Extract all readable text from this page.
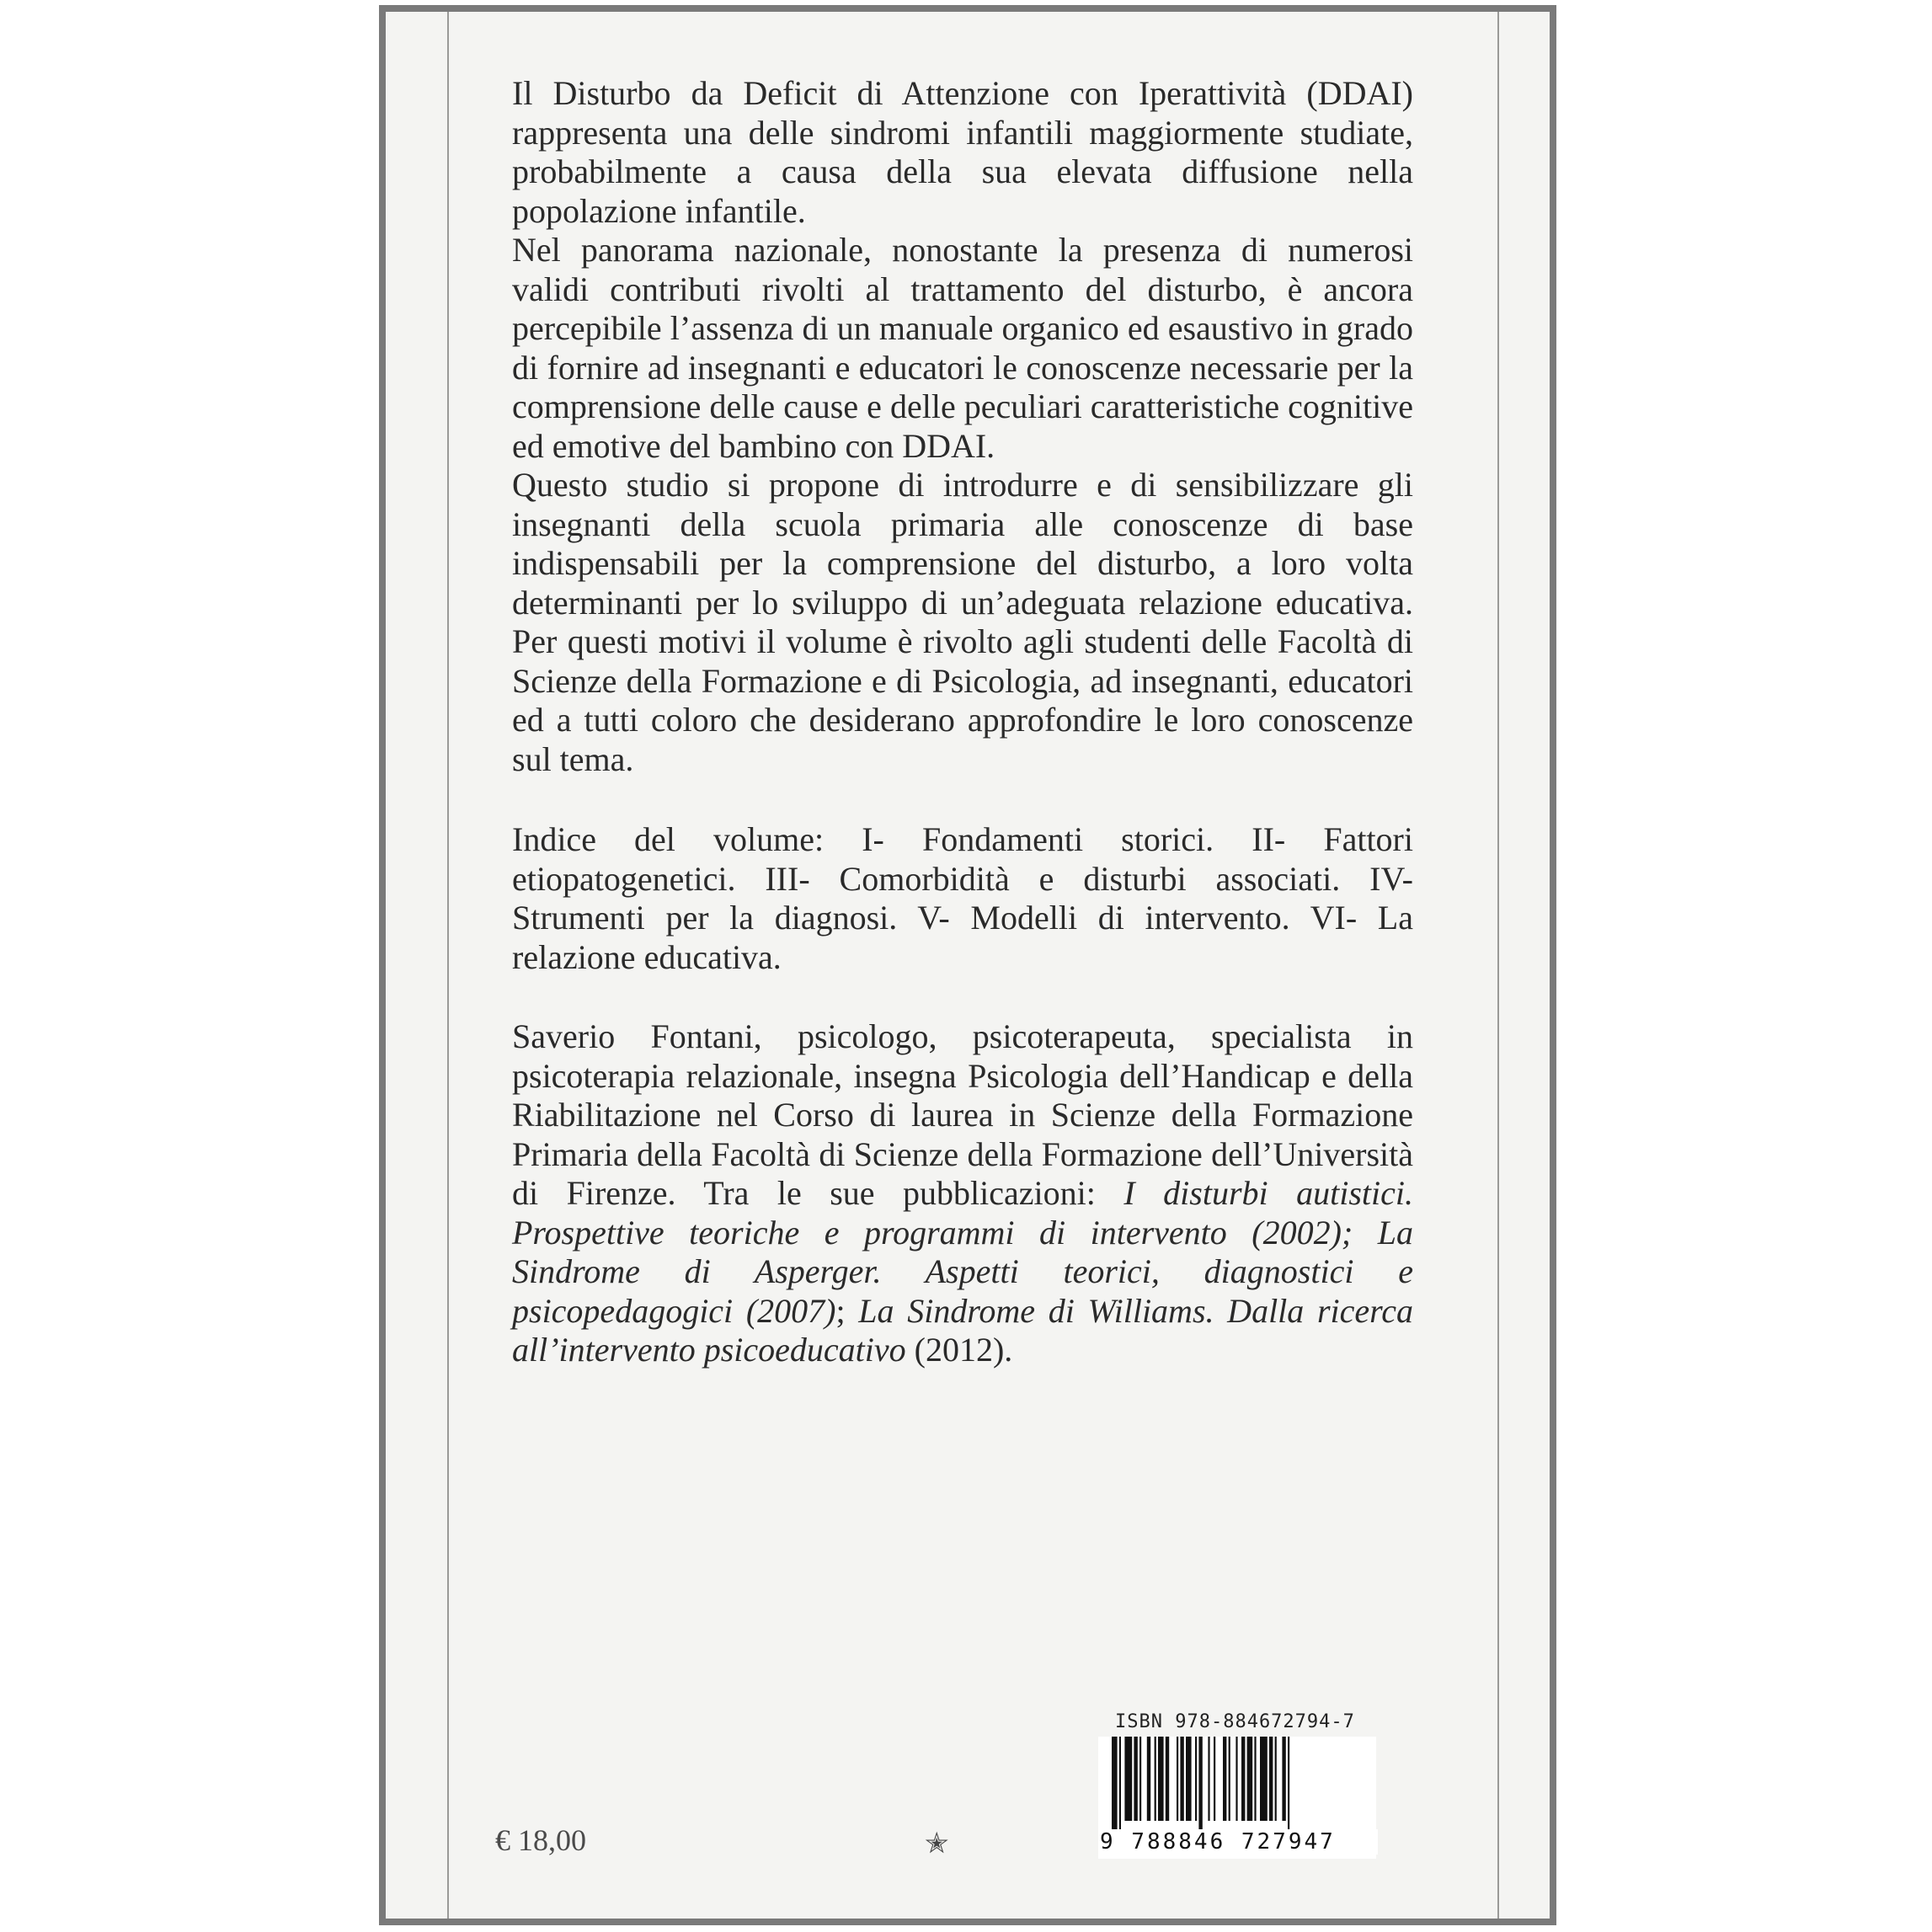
Il Disturbo da Deficit di Attenzione con Iperattività (DDAI) rappresenta una delle sindromi infantili maggiormente studiate, probabilmente a causa della sua elevata diffusione nella popolazione infantile.
Nel panorama nazionale, nonostante la presenza di numerosi validi contributi rivolti al trattamento del disturbo, è ancora percepibile l’assenza di un manuale organico ed esaustivo in grado di fornire ad insegnanti e educatori le conoscenze necessarie per la comprensione delle cause e delle peculiari caratteristiche cognitive ed emotive del bambino con DDAI.
Questo studio si propone di introdurre e di sensibilizzare gli insegnanti della scuola primaria alle conoscenze di base indispensabili per la comprensione del disturbo, a loro volta determinanti per lo sviluppo di un’adeguata relazione educativa. Per questi motivi il volume è rivolto agli studenti delle Facoltà di Scienze della Formazione e di Psicologia, ad insegnanti, educatori ed a tutti coloro che desiderano approfondire le loro conoscenze sul tema.
Indice del volume: I- Fondamenti storici. II- Fattori etiopatogenetici. III- Comorbidità e disturbi associati. IV- Strumenti per la diagnosi. V- Modelli di intervento. VI- La relazione educativa.
Saverio Fontani, psicologo, psicoterapeuta, specialista in psicoterapia relazionale, insegna Psicologia dell’Handicap e della Riabilitazione nel Corso di laurea in Scienze della Formazione Primaria della Facoltà di Scienze della Formazione dell’Università di Firenze. Tra le sue pubblicazioni: I disturbi autistici. Prospettive teoriche e programmi di intervento (2002); La Sindrome di Asperger. Aspetti teorici, diagnostici e psicopedagogici (2007); La Sindrome di Williams. Dalla ricerca all’intervento psicoeducativo (2012).
€ 18,00	✭
ISBN 978-884672794-7
9 788846 727947
